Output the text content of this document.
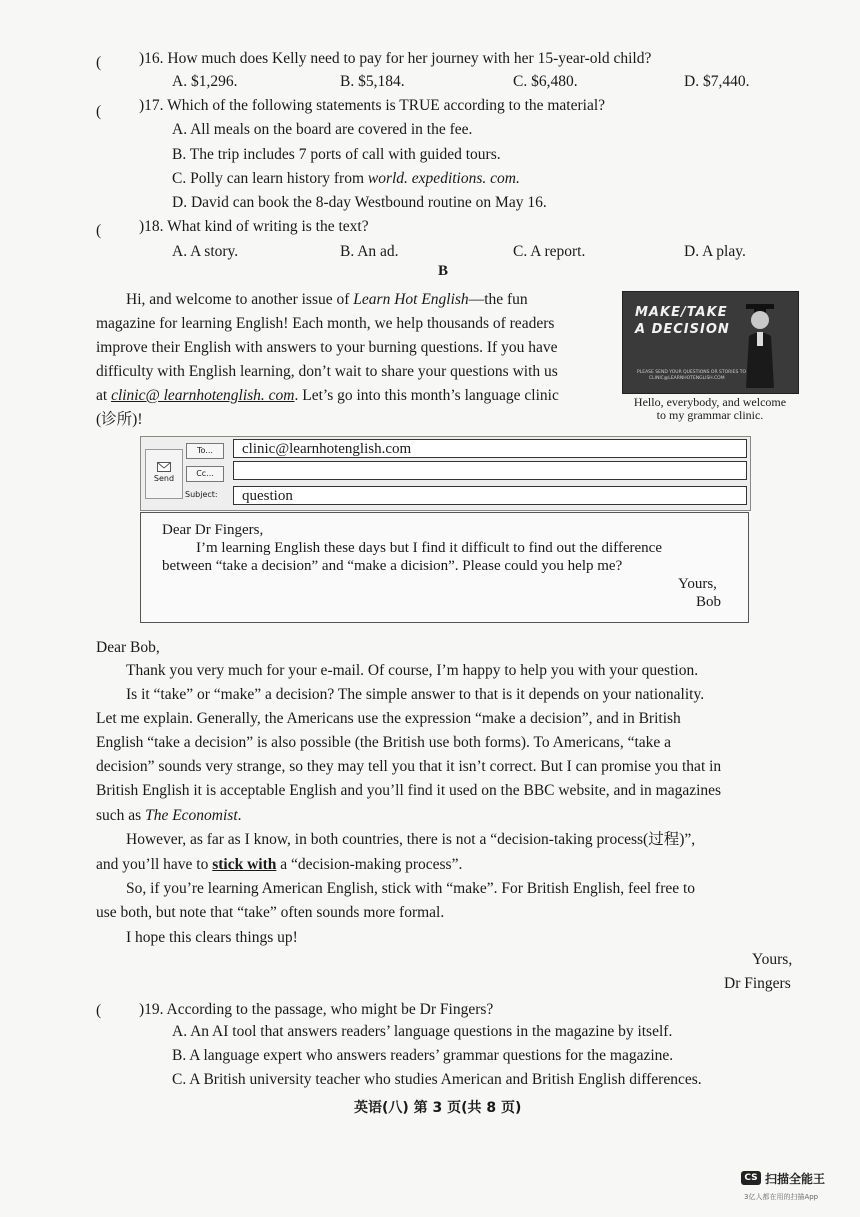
( )16. How much does Kelly need to pay for her journey with her 15-year-old child?
A. $1,296.	B. $5,184.	C. $6,480.	D. $7,440.
( )17. Which of the following statements is TRUE according to the material?
A. All meals on the board are covered in the fee.
B. The trip includes 7 ports of call with guided tours.
C. Polly can learn history from world. expeditions. com.
D. David can book the 8-day Westbound routine on May 16.
( )18. What kind of writing is the text?
A. A story.	B. An ad.	C. A report.	D. A play.
B
Hi, and welcome to another issue of Learn Hot English—the fun
magazine for learning English! Each month, we help thousands of readers
improve their English with answers to your burning questions. If you have
difficulty with English learning, don’t wait to share your questions with us
at clinic@ learnhotenglish. com. Let’s go into this month’s language clinic
(诊所)!
MAKE/TAKE
A DECISION
PLEASE SEND YOUR QUESTIONS OR STORIES TO
CLINIC@LEARNHOTENGLISH.COM
Hello, everybody, and welcome
to my grammar clinic.
Send
To...
Cc...
Subject:
clinic@learnhotenglish.com
question
Dear Dr Fingers,
I’m learning English these days but I find it difficult to find out the difference
between “take a decision” and “make a dicision”. Please could you help me?
Yours,
Bob
Dear Bob,
Thank you very much for your e-mail. Of course, I’m happy to help you with your question.
Is it “take” or “make” a decision? The simple answer to that is it depends on your nationality.
Let me explain. Generally, the Americans use the expression “make a decision”, and in British
English “take a decision” is also possible (the British use both forms). To Americans, “take a
decision” sounds very strange, so they may tell you that it isn’t correct. But I can promise you that in
British English it is acceptable English and you’ll find it used on the BBC website, and in magazines
such as The Economist.
However, as far as I know, in both countries, there is not a “decision-taking process(过程)”,
and you’ll have to stick with a “decision-making process”.
So, if you’re learning American English, stick with “make”. For British English, feel free to
use both, but note that “take” often sounds more formal.
I hope this clears things up!
Yours,
Dr Fingers
( )19. According to the passage, who might be Dr Fingers?
A. An AI tool that answers readers’ language questions in the magazine by itself.
B. A language expert who answers readers’ grammar questions for the magazine.
C. A British university teacher who studies American and British English differences.
英语(八) 第 3 页(共 8 页)
CS 扫描全能王
3亿人都在用的扫描App
